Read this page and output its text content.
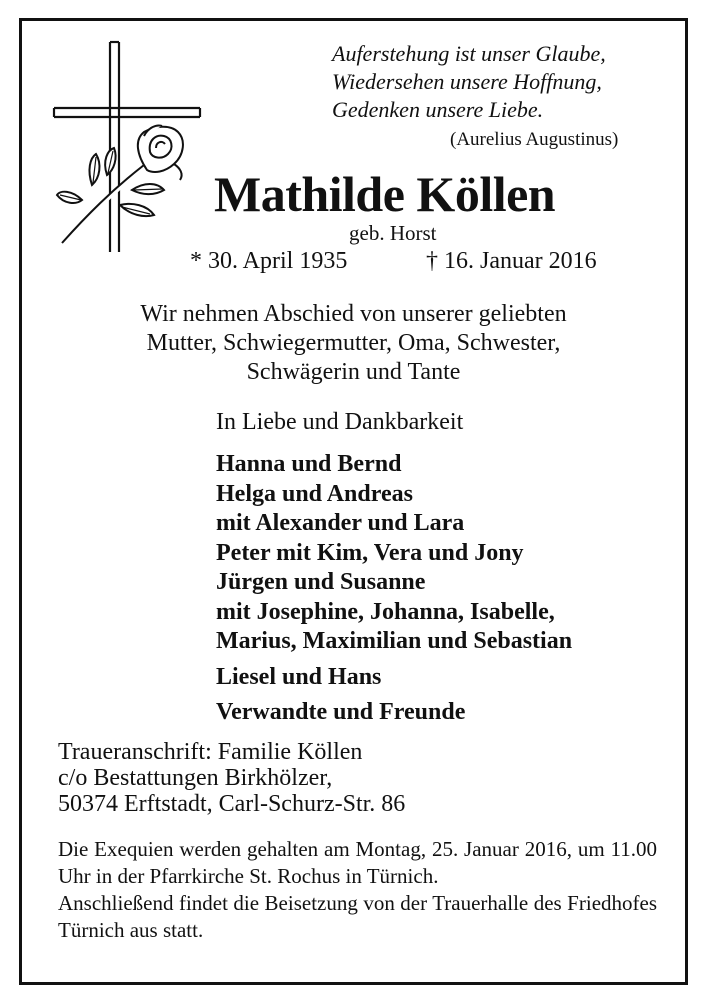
Auferstehung ist unser Glaube,
Wiedersehen unsere Hoffnung,
Gedenken unsere Liebe.
(Aurelius Augustinus)
Mathilde Köllen
geb. Horst
* 30. April 1935	† 16. Januar 2016
Wir nehmen Abschied von unserer geliebten
Mutter, Schwiegermutter, Oma, Schwester,
Schwägerin und Tante
In Liebe und Dankbarkeit
Hanna und Bernd
Helga und Andreas
mit Alexander und Lara
Peter mit Kim, Vera und Jony
Jürgen und Susanne
mit Josephine, Johanna, Isabelle,
Marius, Maximilian und Sebastian
Liesel und Hans
Verwandte und Freunde
Traueranschrift: Familie Köllen
c/o Bestattungen Birkhölzer,
50374 Erftstadt, Carl-Schurz-Str. 86

Die Exequien werden gehalten am Montag, 25. Januar 2016, um 11.00 Uhr in der Pfarrkirche St. Rochus in Türnich.

Anschließend findet die Beisetzung von der Trauerhalle des Friedhofes Türnich aus statt.
